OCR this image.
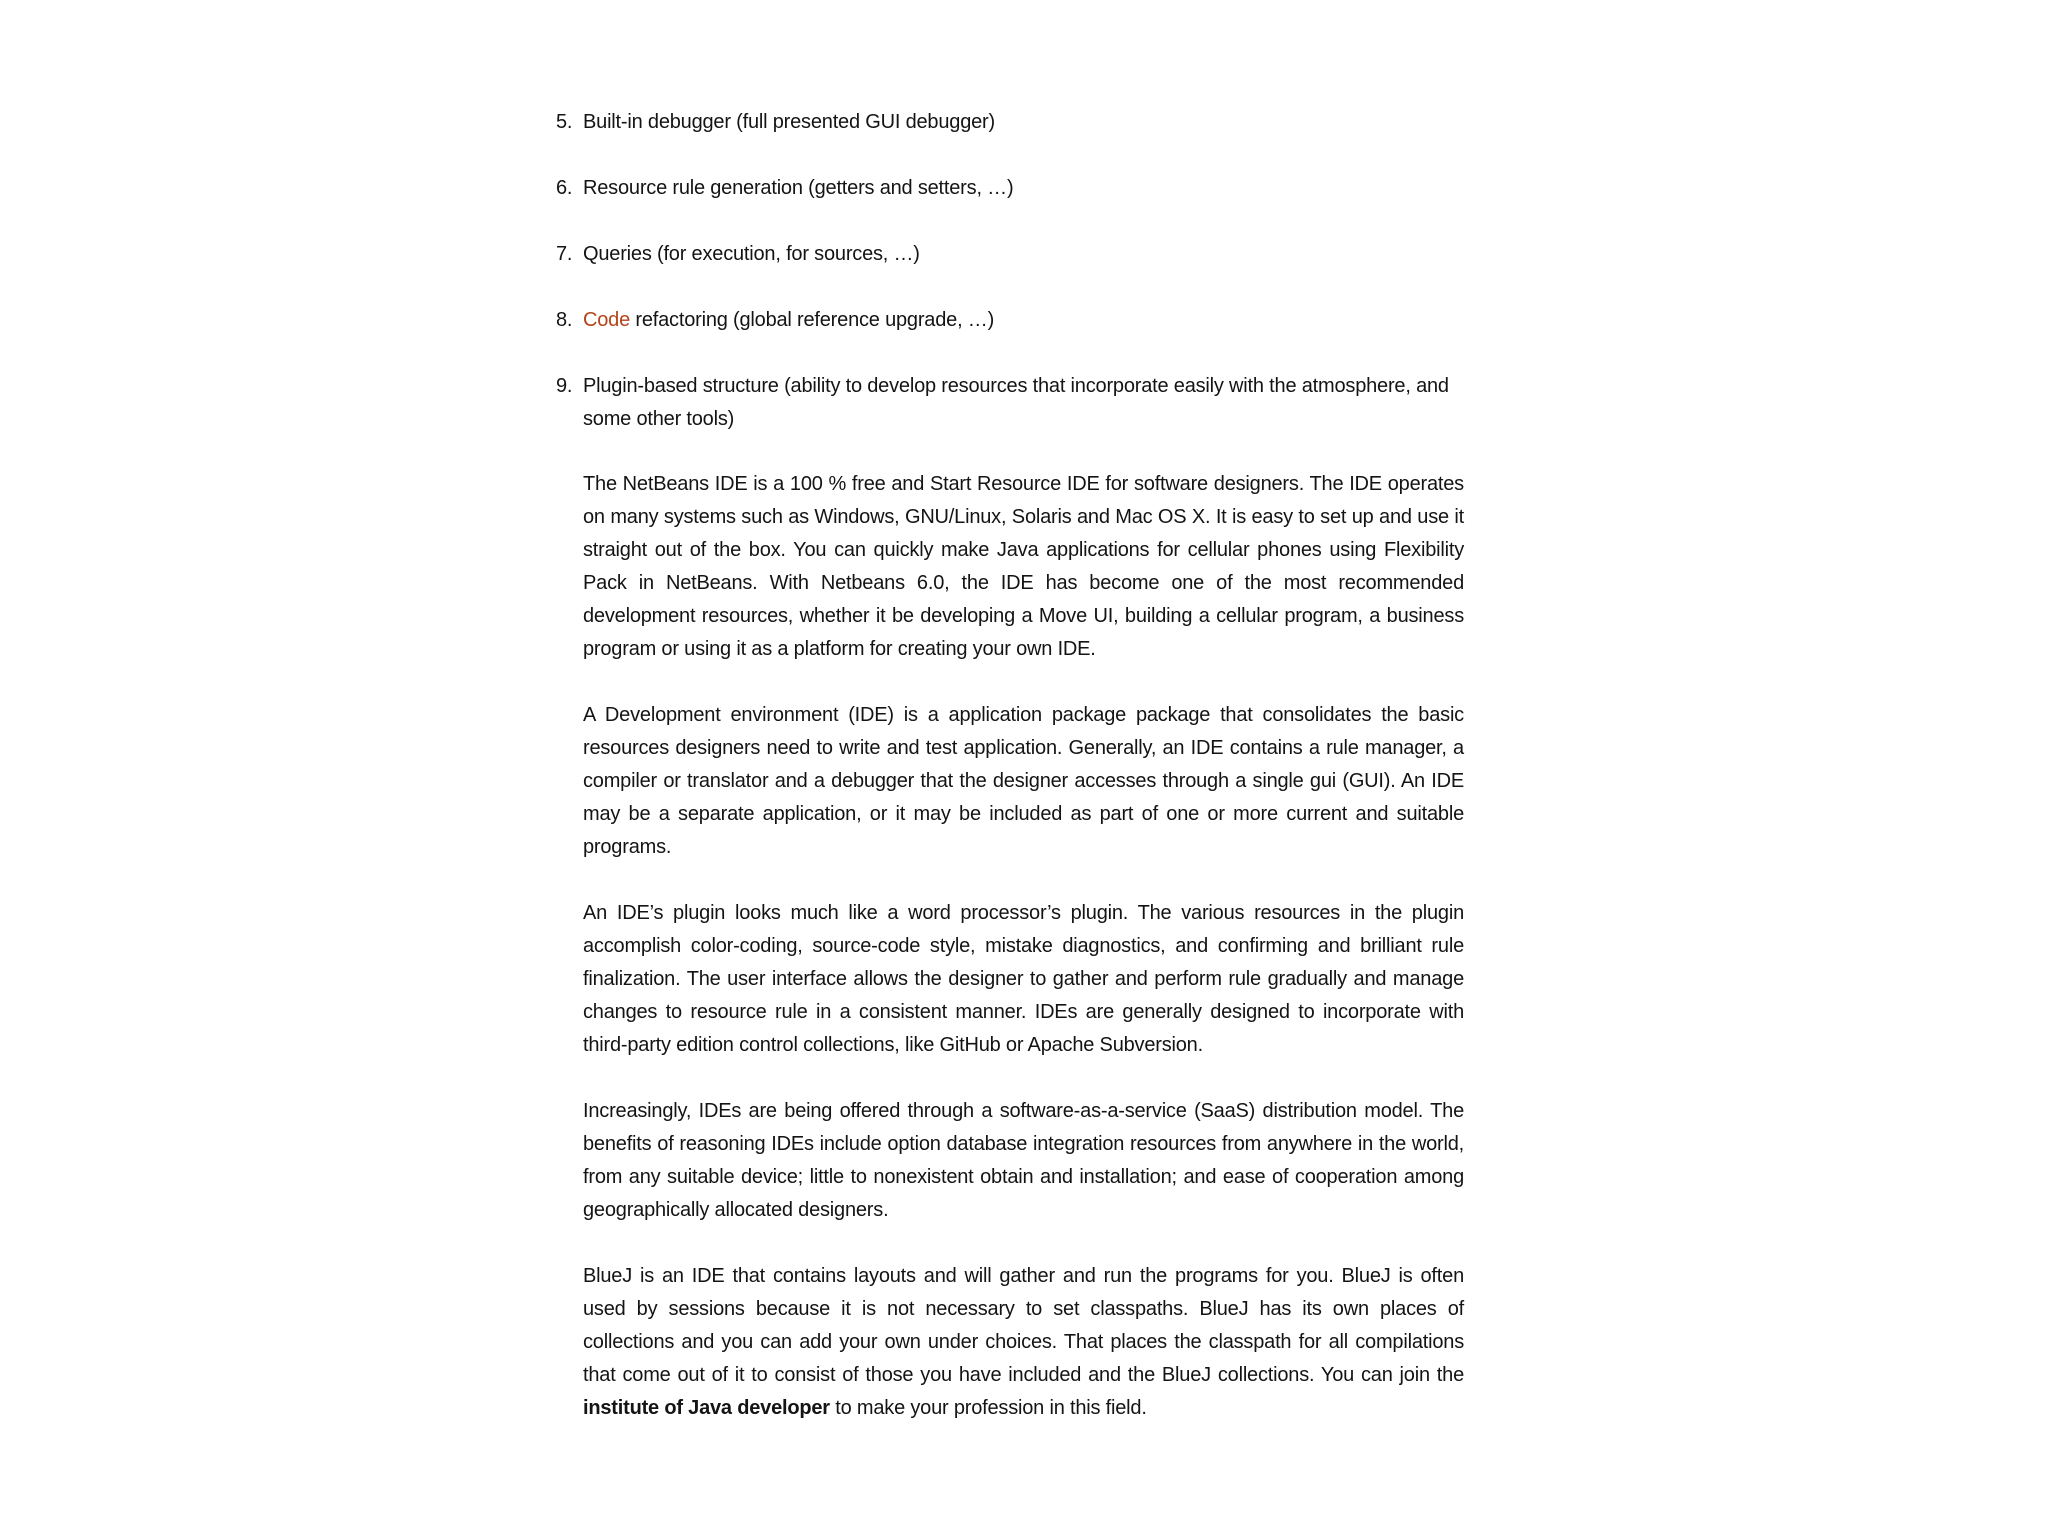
5. Built-in debugger (full presented GUI debugger)
6. Resource rule generation (getters and setters, …)
7. Queries (for execution, for sources, …)
8. Code refactoring (global reference upgrade, …)
9. Plugin-based structure (ability to develop resources that incorporate easily with the atmosphere, and some other tools)

The NetBeans IDE is a 100 % free and Start Resource IDE for software designers. The IDE operates on many systems such as Windows, GNU/Linux, Solaris and Mac OS X. It is easy to set up and use it straight out of the box. You can quickly make Java applications for cellular phones using Flexibility Pack in NetBeans. With Netbeans 6.0, the IDE has become one of the most recommended development resources, whether it be developing a Move UI, building a cellular program, a business program or using it as a platform for creating your own IDE.

A Development environment (IDE) is a application package package that consolidates the basic resources designers need to write and test application. Generally, an IDE contains a rule manager, a compiler or translator and a debugger that the designer accesses through a single gui (GUI). An IDE may be a separate application, or it may be included as part of one or more current and suitable programs.

An IDE’s plugin looks much like a word processor’s plugin. The various resources in the plugin accomplish color-coding, source-code style, mistake diagnostics, and confirming and brilliant rule finalization. The user interface allows the designer to gather and perform rule gradually and manage changes to resource rule in a consistent manner. IDEs are generally designed to incorporate with third-party edition control collections, like GitHub or Apache Subversion.

Increasingly, IDEs are being offered through a software-as-a-service (SaaS) distribution model. The benefits of reasoning IDEs include option database integration resources from anywhere in the world, from any suitable device; little to nonexistent obtain and installation; and ease of cooperation among geographically allocated designers.

BlueJ is an IDE that contains layouts and will gather and run the programs for you. BlueJ is often used by sessions because it is not necessary to set classpaths. BlueJ has its own places of collections and you can add your own under choices. That places the classpath for all compilations that come out of it to consist of those you have included and the BlueJ collections. You can join the institute of Java developer to make your profession in this field.
